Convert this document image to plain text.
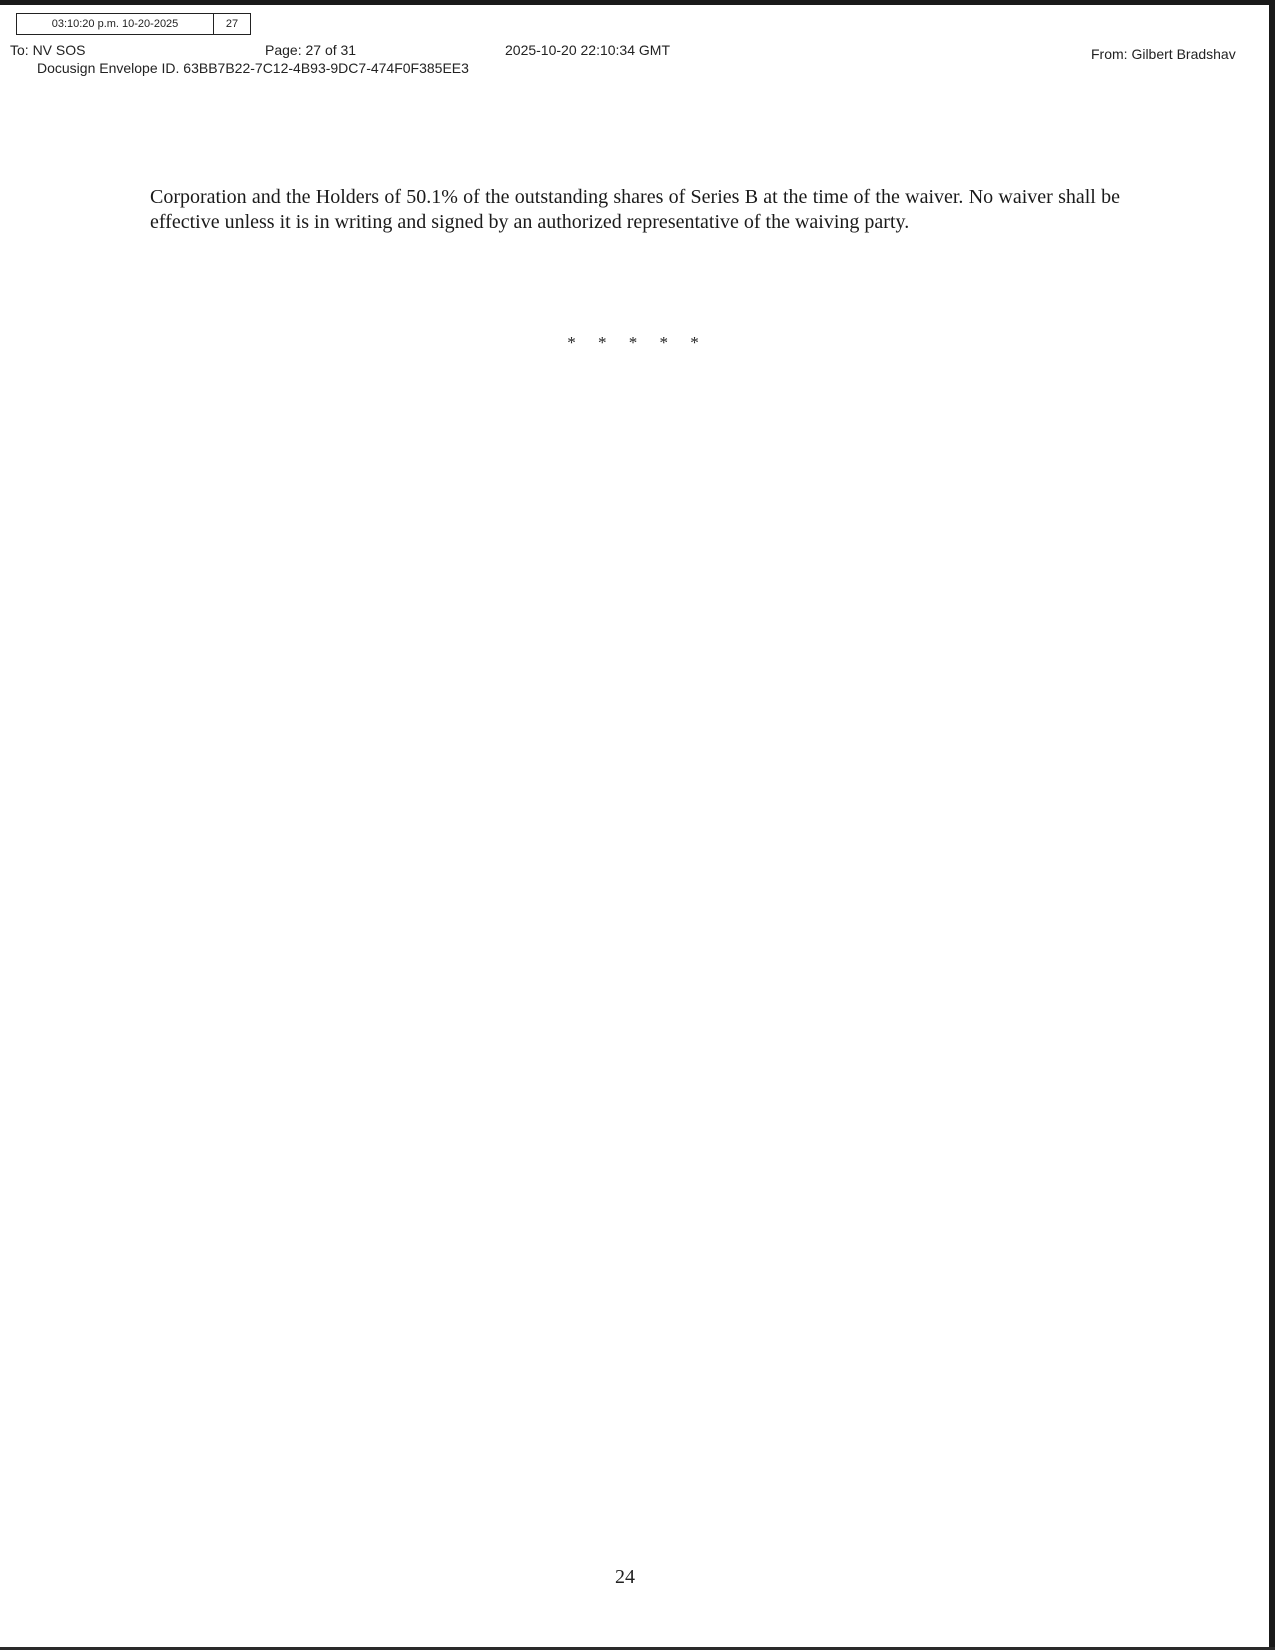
03:10:20 p.m. 10-20-2025	27
To: NV SOS	Page: 27 of 31	2025-10-20 22:10:34 GMT	From: Gilbert Bradshav
Docusign Envelope ID. 63BB7B22-7C12-4B93-9DC7-474F0F385EE3

Corporation and the Holders of 50.1% of the outstanding shares of Series B at the time of the waiver. No waiver shall be effective unless it is in writing and signed by an authorized representative of the waiving party.

* * * * *
24
